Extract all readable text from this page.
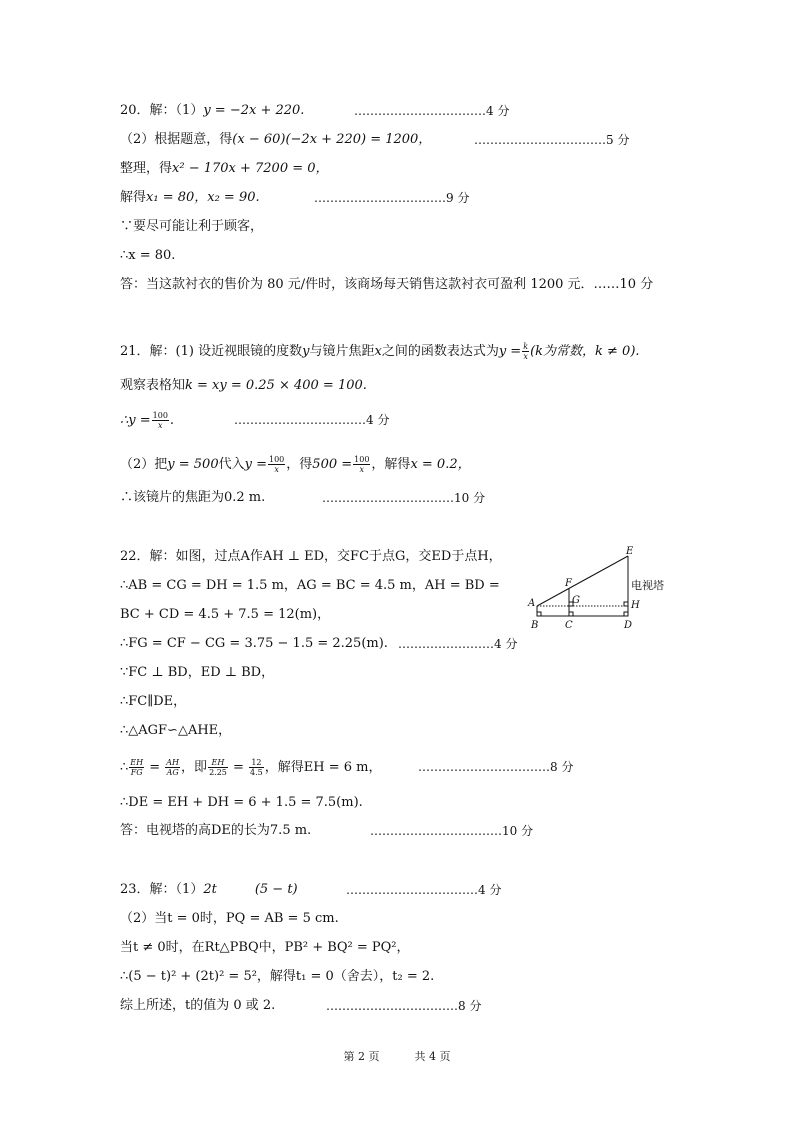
20．解：（1）y = −2x + 220.	……………………………4 分
（2）根据题意，得(x − 60)(−2x + 220) = 1200，	……………………………5 分
整理，得x² − 170x + 7200 = 0，
解得x₁ = 80，x₂ = 90.	……………………………9 分
∵要尽可能让利于顾客，
∴x = 80.
答：当这款衬衣的售价为 80 元/件时，该商场每天销售这款衬衣可盈利 1200 元．……10 分
21．解：(1) 设近视眼镜的度数y与镜片焦距x之间的函数表达式为$y = \frac{k}{x} (k$为常数，k ≠ 0).
观察表格知k = xy = 0.25 × 400 = 100.
∴y = $\frac{100}{x}$ .	……………………………4 分
（2）把y = 500代入$y = \frac{100}{x}$ ，得$500 = \frac{100}{x}$ ，解得x = 0.2，
∴该镜片的焦距为0.2 m.	……………………………10 分
22．解：如图，过点A作AH ⊥ ED，交FC于点G，交ED于点H，
∴AB = CG = DH = 1.5 m，AG = BC = 4.5 m，AH = BD =
BC + CD = 4.5 + 7.5 = 12(m)，
∴FG = CF − CG = 3.75 − 1.5 = 2.25(m). ……………………4 分
∵FC ⊥ BD，ED ⊥ BD，
∴FC∥DE，
∴△AGF∽△AHE，
∴ $\frac{EH}{FG} = \frac{AH}{AG}$ ，即 $\frac{EH}{2.25} = \frac{12}{4.5}$ ，解得EH = 6 m，	……………………………8 分
∴DE = EH + DH = 6 + 1.5 = 7.5(m).
答：电视塔的高DE的长为7.5 m.	……………………………10 分
E
F
A	G	H
B	C	D
电视塔
23．解：（1）2t	(5 − t)	……………………………4 分
（2）当t = 0时，PQ = AB = 5 cm.
当t ≠ 0时，在Rt△PBQ中，PB² + BQ² = PQ²，
∴(5 − t)² + (2t)² = 5²，解得t₁ = 0（舍去），t₂ = 2.
综上所述，t的值为 0 或 2.	……………………………8 分
第 2 页	共 4 页
